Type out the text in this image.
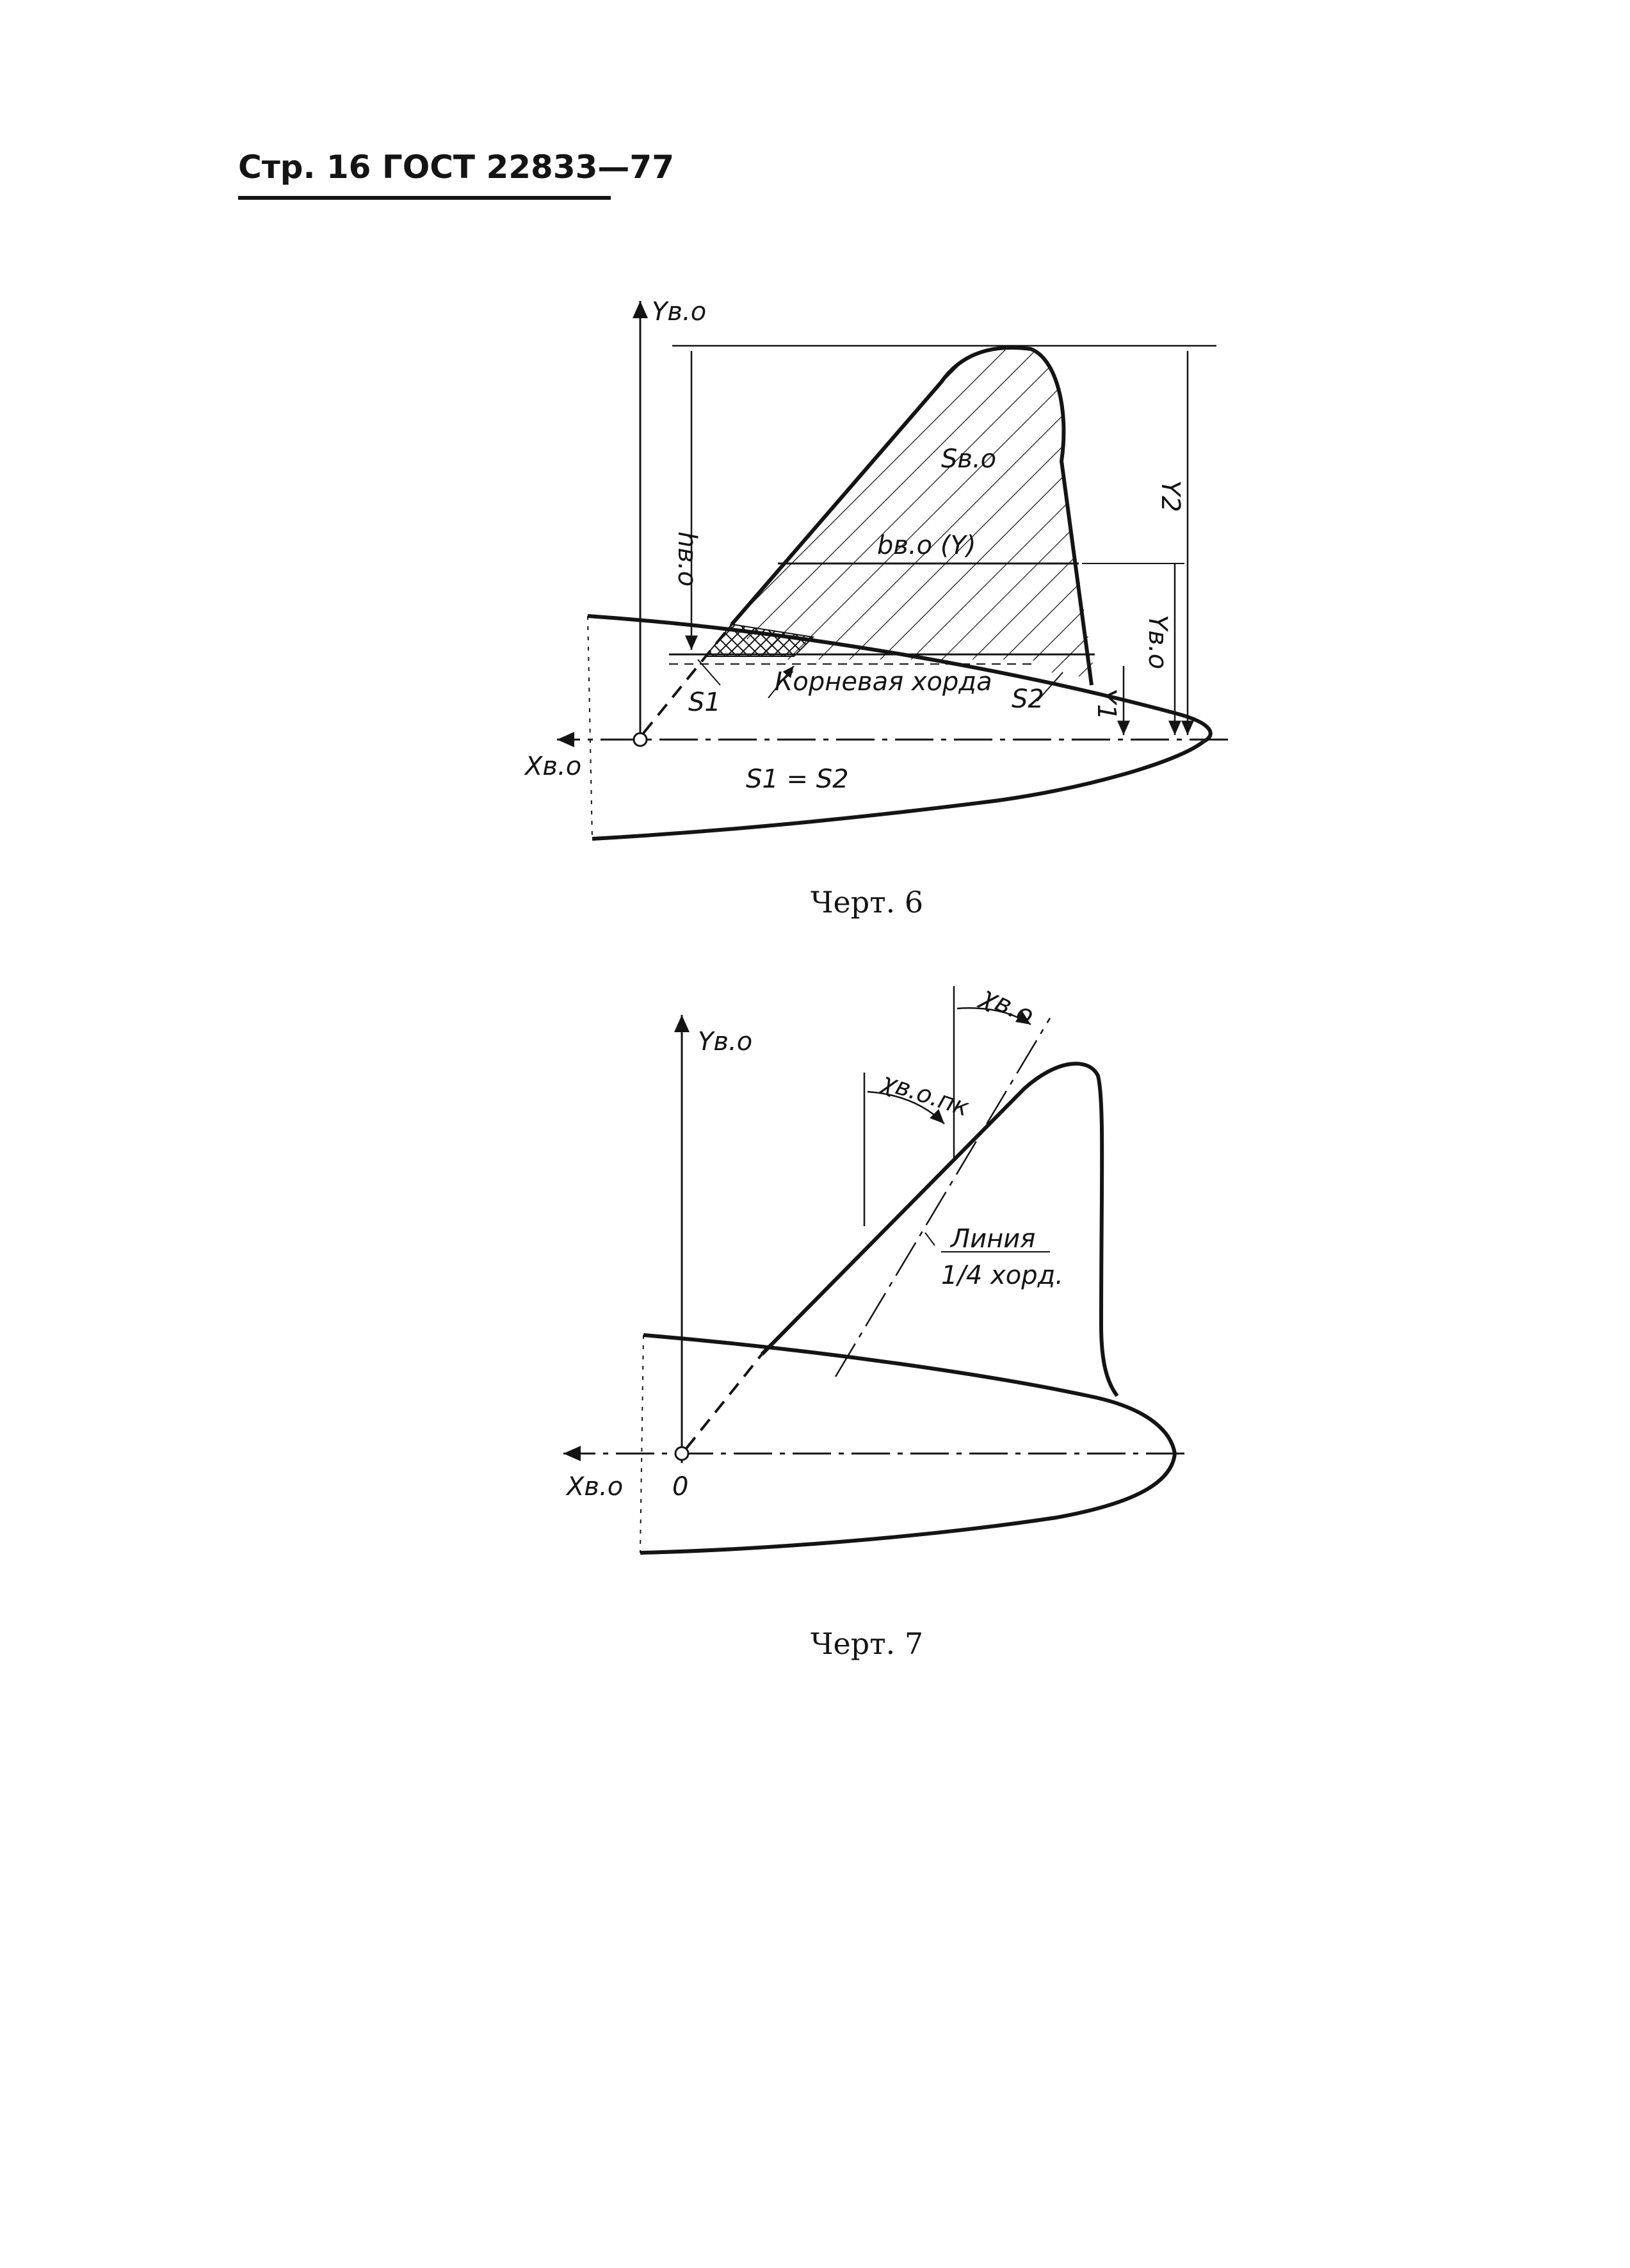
Стр. 16 ГОСТ 22833—77
Yв.о
Xв.о
hв.о
Sв.о
bв.о (Y)
Корневая хорда
S1	S2
Yв.о
Y1
Y2
S1 = S2
Yв.о
Xв.о 0
χв.о
χв.о.пк
Линия
1/4 хорд.
Черт. 6
Черт. 7
